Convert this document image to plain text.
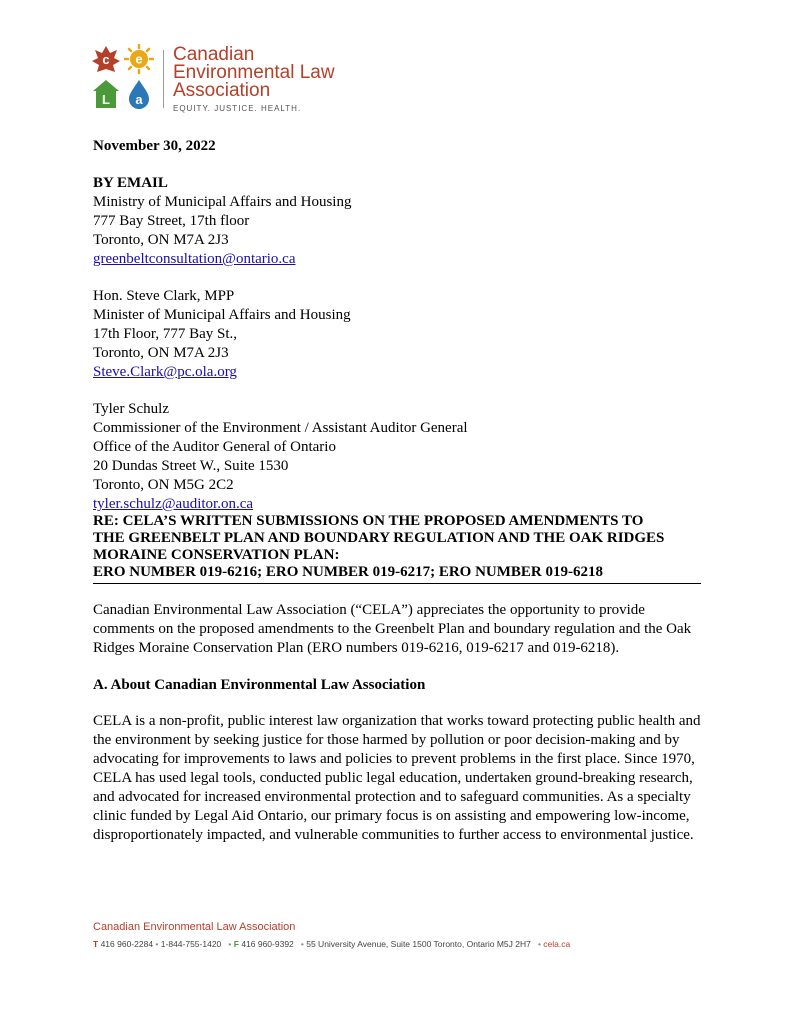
c e
L a
Canadian
Environmental Law
Association
EQUITY. JUSTICE. HEALTH.

November 30, 2022

BY EMAIL

Ministry of Municipal Affairs and Housing

777 Bay Street, 17th floor

Toronto, ON M7A 2J3

greenbeltconsultation@ontario.ca

Hon. Steve Clark, MPP

Minister of Municipal Affairs and Housing

17th Floor, 777 Bay St.,

Toronto, ON M7A 2J3

Steve.Clark@pc.ola.org

Tyler Schulz

Commissioner of the Environment / Assistant Auditor General

Office of the Auditor General of Ontario

20 Dundas Street W., Suite 1530

Toronto, ON M5G 2C2

tyler.schulz@auditor.on.ca

RE: CELA’S WRITTEN SUBMISSIONS ON THE PROPOSED AMENDMENTS TO
THE GREENBELT PLAN AND BOUNDARY REGULATION AND THE OAK RIDGES
MORAINE CONSERVATION PLAN:
ERO NUMBER 019-6216; ERO NUMBER 019-6217; ERO NUMBER 019-6218

Canadian Environmental Law Association (“CELA”) appreciates the opportunity to provide comments on the proposed amendments to the Greenbelt Plan and boundary regulation and the Oak Ridges Moraine Conservation Plan (ERO numbers 019-6216, 019-6217 and 019-6218).

A. About Canadian Environmental Law Association

CELA is a non-profit, public interest law organization that works toward protecting public health and the environment by seeking justice for those harmed by pollution or poor decision-making and by advocating for improvements to laws and policies to prevent problems in the first place. Since 1970, CELA has used legal tools, conducted public legal education, undertaken ground-breaking research, and advocated for increased environmental protection and to safeguard communities. As a specialty clinic funded by Legal Aid Ontario, our primary focus is on assisting and empowering low-income, disproportionately impacted, and vulnerable communities to further access to environmental justice.

Canadian Environmental Law Association
T 416 960-2284 • 1-844-755-1420 • F 416 960-9392 • 55 University Avenue, Suite 1500 Toronto, Ontario M5J 2H7 • cela.ca
